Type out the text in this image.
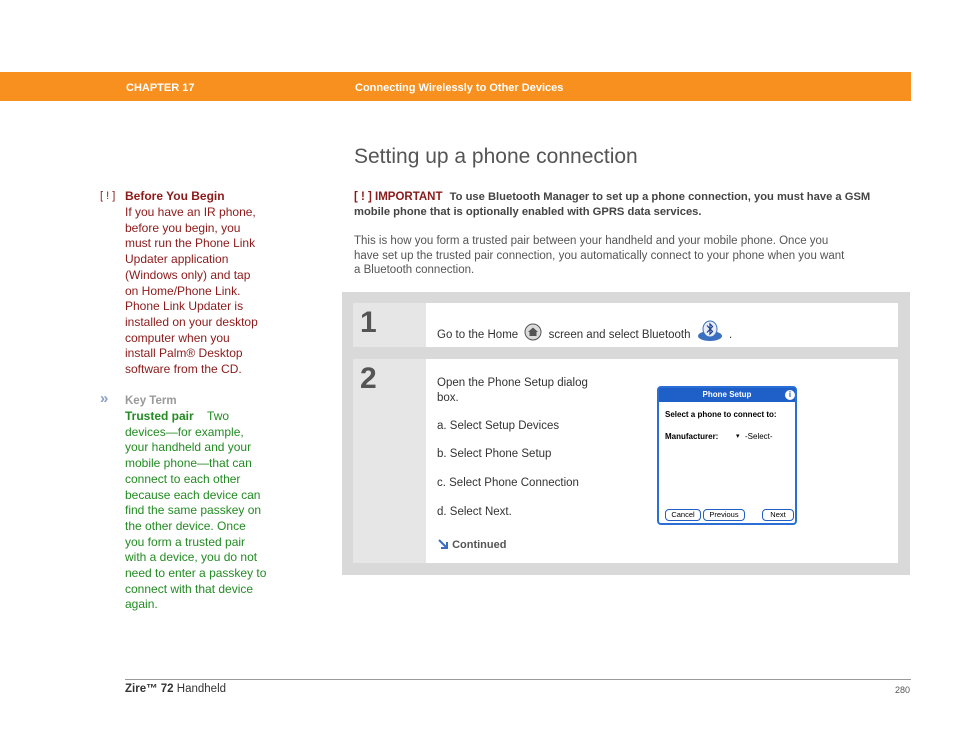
CHAPTER 17	Connecting Wirelessly to Other Devices
Setting up a phone connection
[ ! ] Before You Begin
If you have an IR phone,
before you begin, you
must run the Phone Link
Updater application
(Windows only) and tap
on Home/Phone Link.
Phone Link Updater is
installed on your desktop
computer when you
install Palm® Desktop
software from the CD.
» Key Term
Trusted pair Two
devices—for example,
your handheld and your
mobile phone—that can
connect to each other
because each device can
find the same passkey on
the other device. Once
you form a trusted pair
with a device, you do not
need to enter a passkey to
connect with that device
again.
[ ! ] IMPORTANT To use Bluetooth Manager to set up a phone connection, you must have a GSM
mobile phone that is optionally enabled with GPRS data services.
This is how you form a trusted pair between your handheld and your mobile phone. Once you
have set up the trusted pair connection, you automatically connect to your phone when you want
a Bluetooth connection.
1	Go to the Home	screen and select Bluetooth	.
2	Open the Phone Setup dialog
box.
a. Select Setup Devices
b. Select Phone Setup
c. Select Phone Connection
d. Select Next.
Continued
Phone Setup	i
Select a phone to connect to:
Manufacturer:	▾ -Select-
Cancel	Previous	Next
Zire™ 72 Handheld	280
